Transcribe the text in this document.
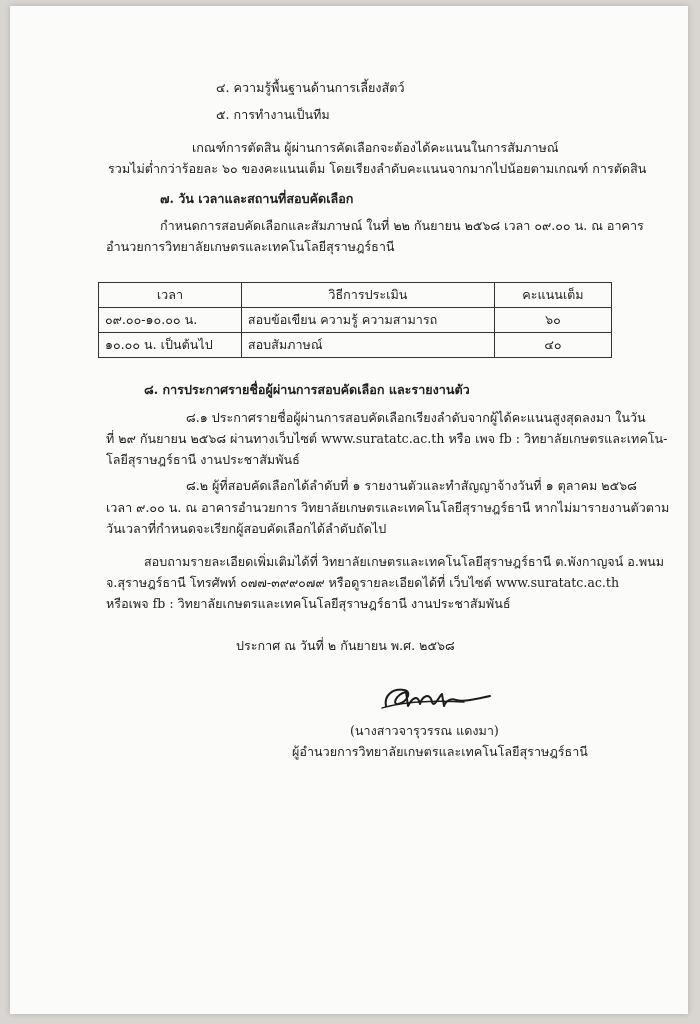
๔. ความรู้พื้นฐานด้านการเลี้ยงสัตว์
๕. การทำงานเป็นทีม
เกณฑ์การตัดสิน ผู้ผ่านการคัดเลือกจะต้องได้คะแนนในการสัมภาษณ์
รวมไม่ต่ำกว่าร้อยละ ๖๐ ของคะแนนเต็ม โดยเรียงลำดับคะแนนจากมากไปน้อยตามเกณฑ์ การตัดสิน
๗. วัน เวลาและสถานที่สอบคัดเลือก
กำหนดการสอบคัดเลือกและสัมภาษณ์ ในที่ ๒๒ กันยายน ๒๕๖๘ เวลา ๐๙.๐๐ น. ณ อาคาร
อำนวยการวิทยาลัยเกษตรและเทคโนโลยีสุราษฎร์ธานี
เวลา	วิธีการประเมิน	คะแนนเต็ม
๐๙.๐๐-๑๐.๐๐ น.	สอบข้อเขียน ความรู้ ความสามารถ	๖๐
๑๐.๐๐ น. เป็นต้นไป	สอบสัมภาษณ์	๔๐
๘. การประกาศรายชื่อผู้ผ่านการสอบคัดเลือก และรายงานตัว
๘.๑ ประกาศรายชื่อผู้ผ่านการสอบคัดเลือกเรียงลำดับจากผู้ได้คะแนนสูงสุดลงมา ในวัน
ที่ ๒๙ กันยายน ๒๕๖๘ ผ่านทางเว็บไซต์ www.suratatc.ac.th หรือ เพจ fb : วิทยาลัยเกษตรและเทคโน-
โลยีสุราษฎร์ธานี งานประชาสัมพันธ์
๘.๒ ผู้ที่สอบคัดเลือกได้ลำดับที่ ๑ รายงานตัวและทำสัญญาจ้างวันที่ ๑ ตุลาคม ๒๕๖๘
เวลา ๙.๐๐ น. ณ อาคารอำนวยการ วิทยาลัยเกษตรและเทคโนโลยีสุราษฎร์ธานี หากไม่มารายงานตัวตาม
วันเวลาที่กำหนดจะเรียกผู้สอบคัดเลือกได้ลำดับถัดไป
สอบถามรายละเอียดเพิ่มเติมได้ที่ วิทยาลัยเกษตรและเทคโนโลยีสุราษฎร์ธานี ต.พังกาญจน์ อ.พนม
จ.สุราษฎร์ธานี โทรศัพท์ ๐๗๗-๓๙๙๐๗๙ หรือดูรายละเอียดได้ที่ เว็บไซต์ www.suratatc.ac.th
หรือเพจ fb : วิทยาลัยเกษตรและเทคโนโลยีสุราษฎร์ธานี งานประชาสัมพันธ์
ประกาศ ณ วันที่ ๒ กันยายน พ.ศ. ๒๕๖๘
(นางสาวจารุวรรณ แดงมา)
ผู้อำนวยการวิทยาลัยเกษตรและเทคโนโลยีสุราษฎร์ธานี
